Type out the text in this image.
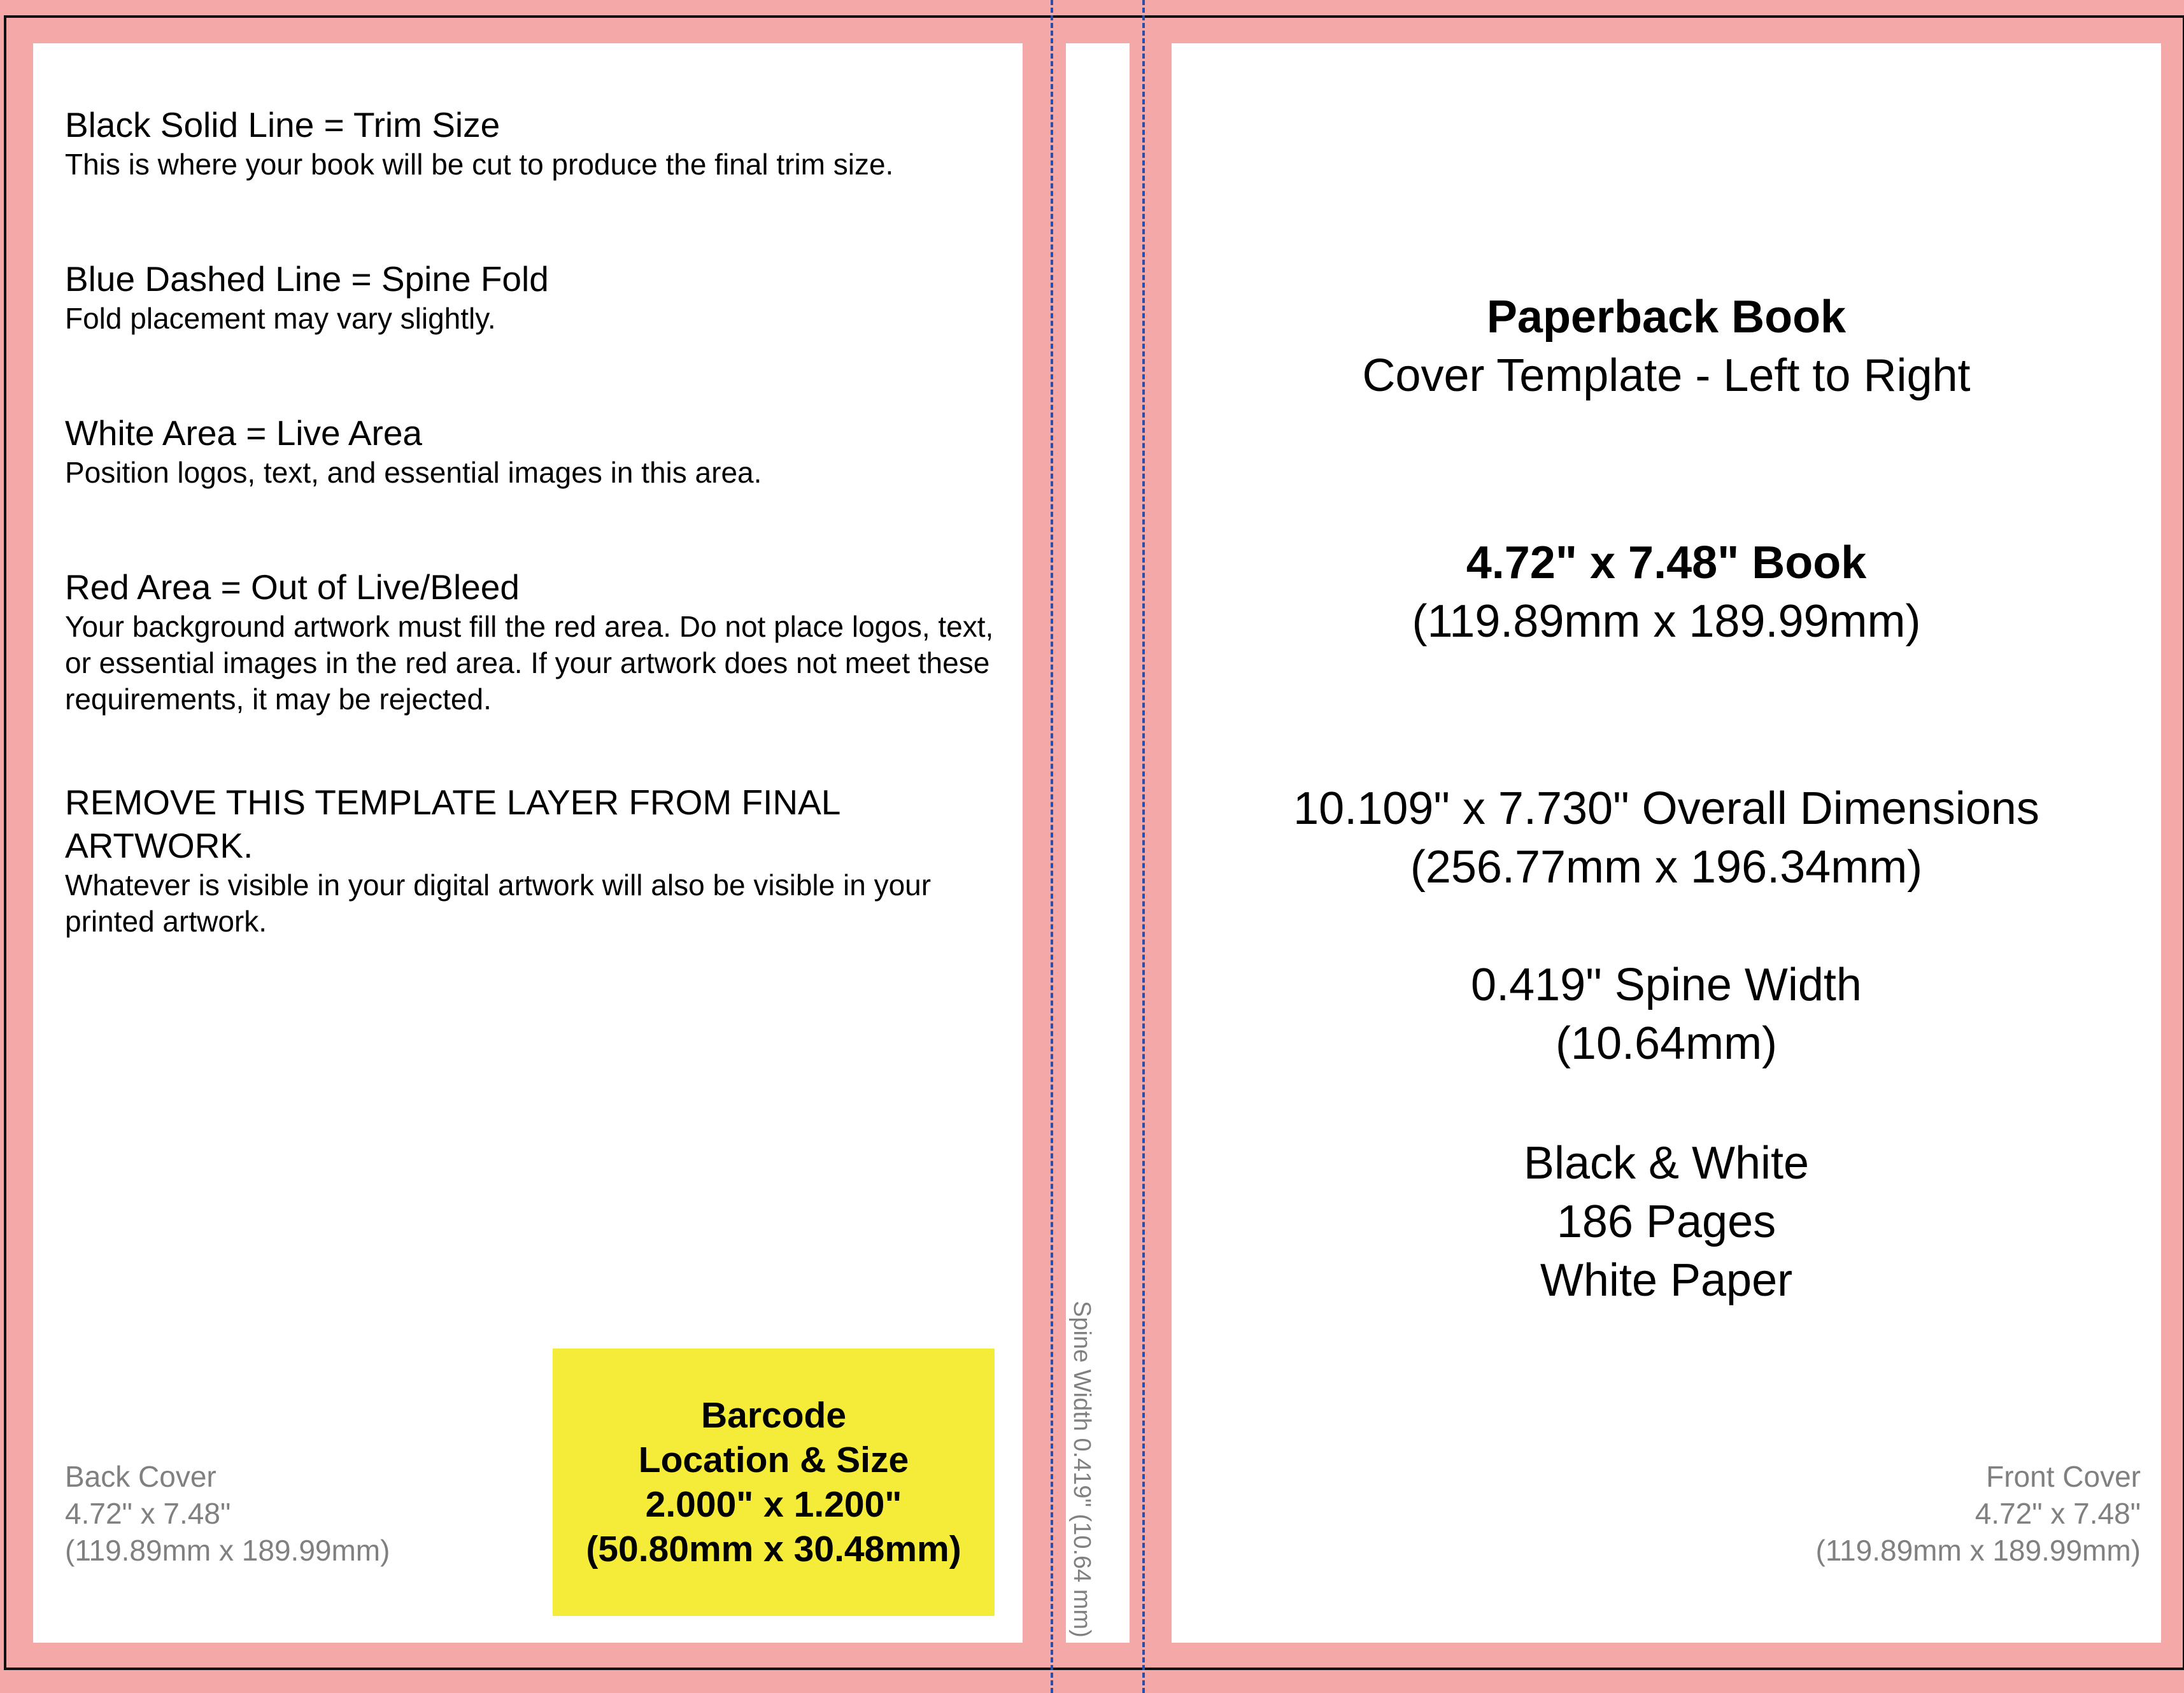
Black Solid Line = Trim Size
This is where your book will be cut to produce the final trim size.
Blue Dashed Line = Spine Fold
Fold placement may vary slightly.
White Area = Live Area
Position logos, text, and essential images in this area.
Red Area = Out of Live/Bleed
Your background artwork must fill the red area. Do not place logos, text, or essential images in the red area. If your artwork does not meet these requirements, it may be rejected.
REMOVE THIS TEMPLATE LAYER FROM FINAL ARTWORK.
Whatever is visible in your digital artwork will also be visible in your printed artwork.
Back Cover
4.72" x 7.48"
(119.89mm x 189.99mm)
Barcode
Location & Size
2.000" x 1.200"
(50.80mm x 30.48mm)
Paperback Book
Cover Template - Left to Right
4.72" x 7.48" Book
(119.89mm x 189.99mm)
10.109" x 7.730" Overall Dimensions
(256.77mm x 196.34mm)
0.419" Spine Width
(10.64mm)
Black & White
186 Pages
White Paper
Front Cover
4.72" x 7.48"
(119.89mm x 189.99mm)
Spine Width 0.419" (10.64 mm)
